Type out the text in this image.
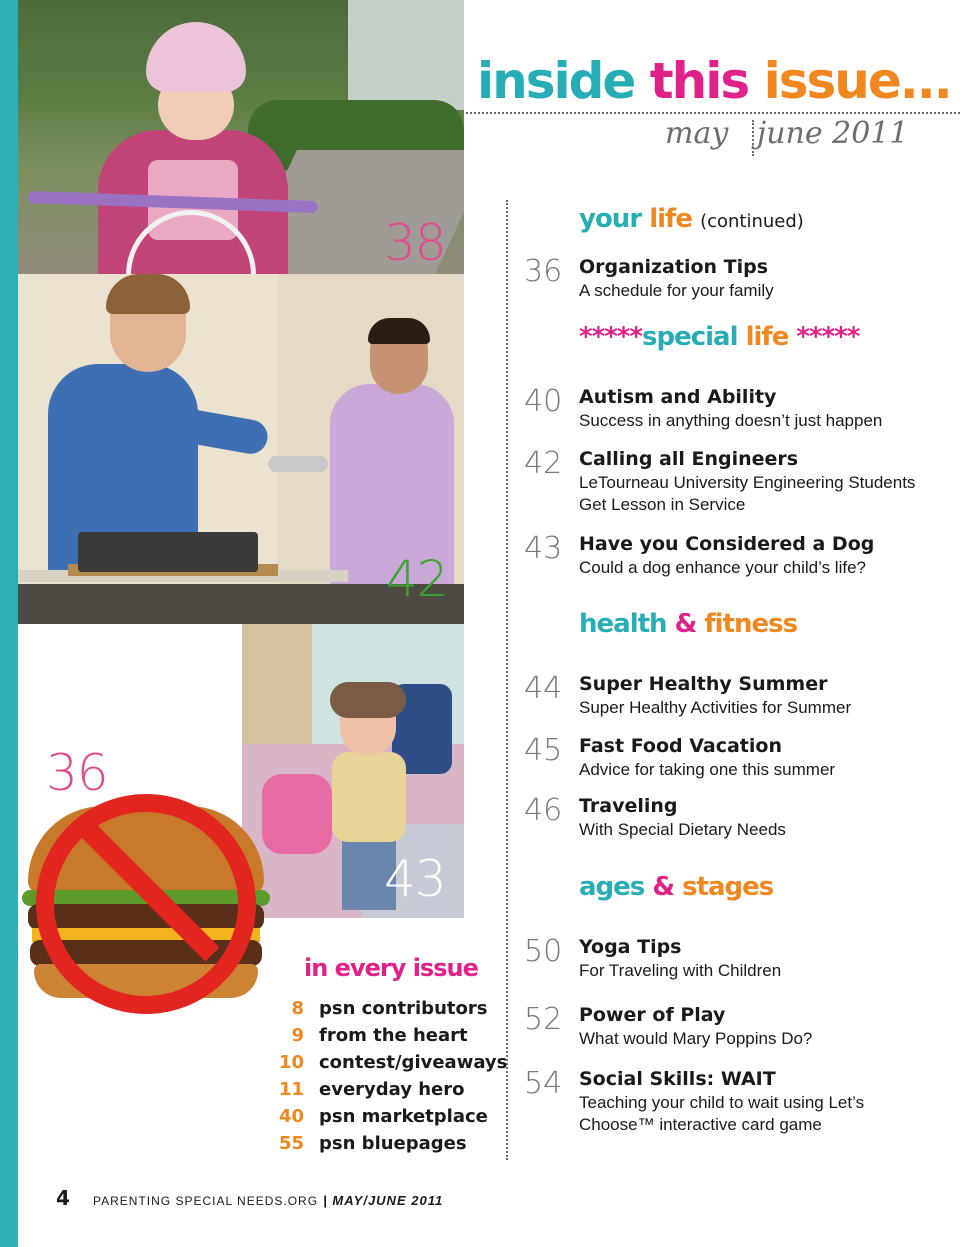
38
42
43
36
inside this issue...
may june 2011
your life (continued)
36 Organization Tips
A schedule for your family
*****special life *****
40 Autism and Ability
Success in anything doesn’t just happen
42 Calling all Engineers
LeTourneau University Engineering Students Get Lesson in Service
43 Have you Considered a Dog
Could a dog enhance your child’s life?
health & fitness
44 Super Healthy Summer
Super Healthy Activities for Summer
45 Fast Food Vacation
Advice for taking one this summer
46 Traveling
With Special Dietary Needs
ages & stages
50 Yoga Tips
For Traveling with Children
52 Power of Play
What would Mary Poppins Do?
54 Social Skills: WAIT
Teaching your child to wait using Let’s Choose™ interactive card game
in every issue
8 psn contributors
9 from the heart
10 contest/giveaways
11 everyday hero
40 psn marketplace
55 psn bluepages
4 PARENTING SPECIAL NEEDS.ORG | MAY/JUNE 2011
